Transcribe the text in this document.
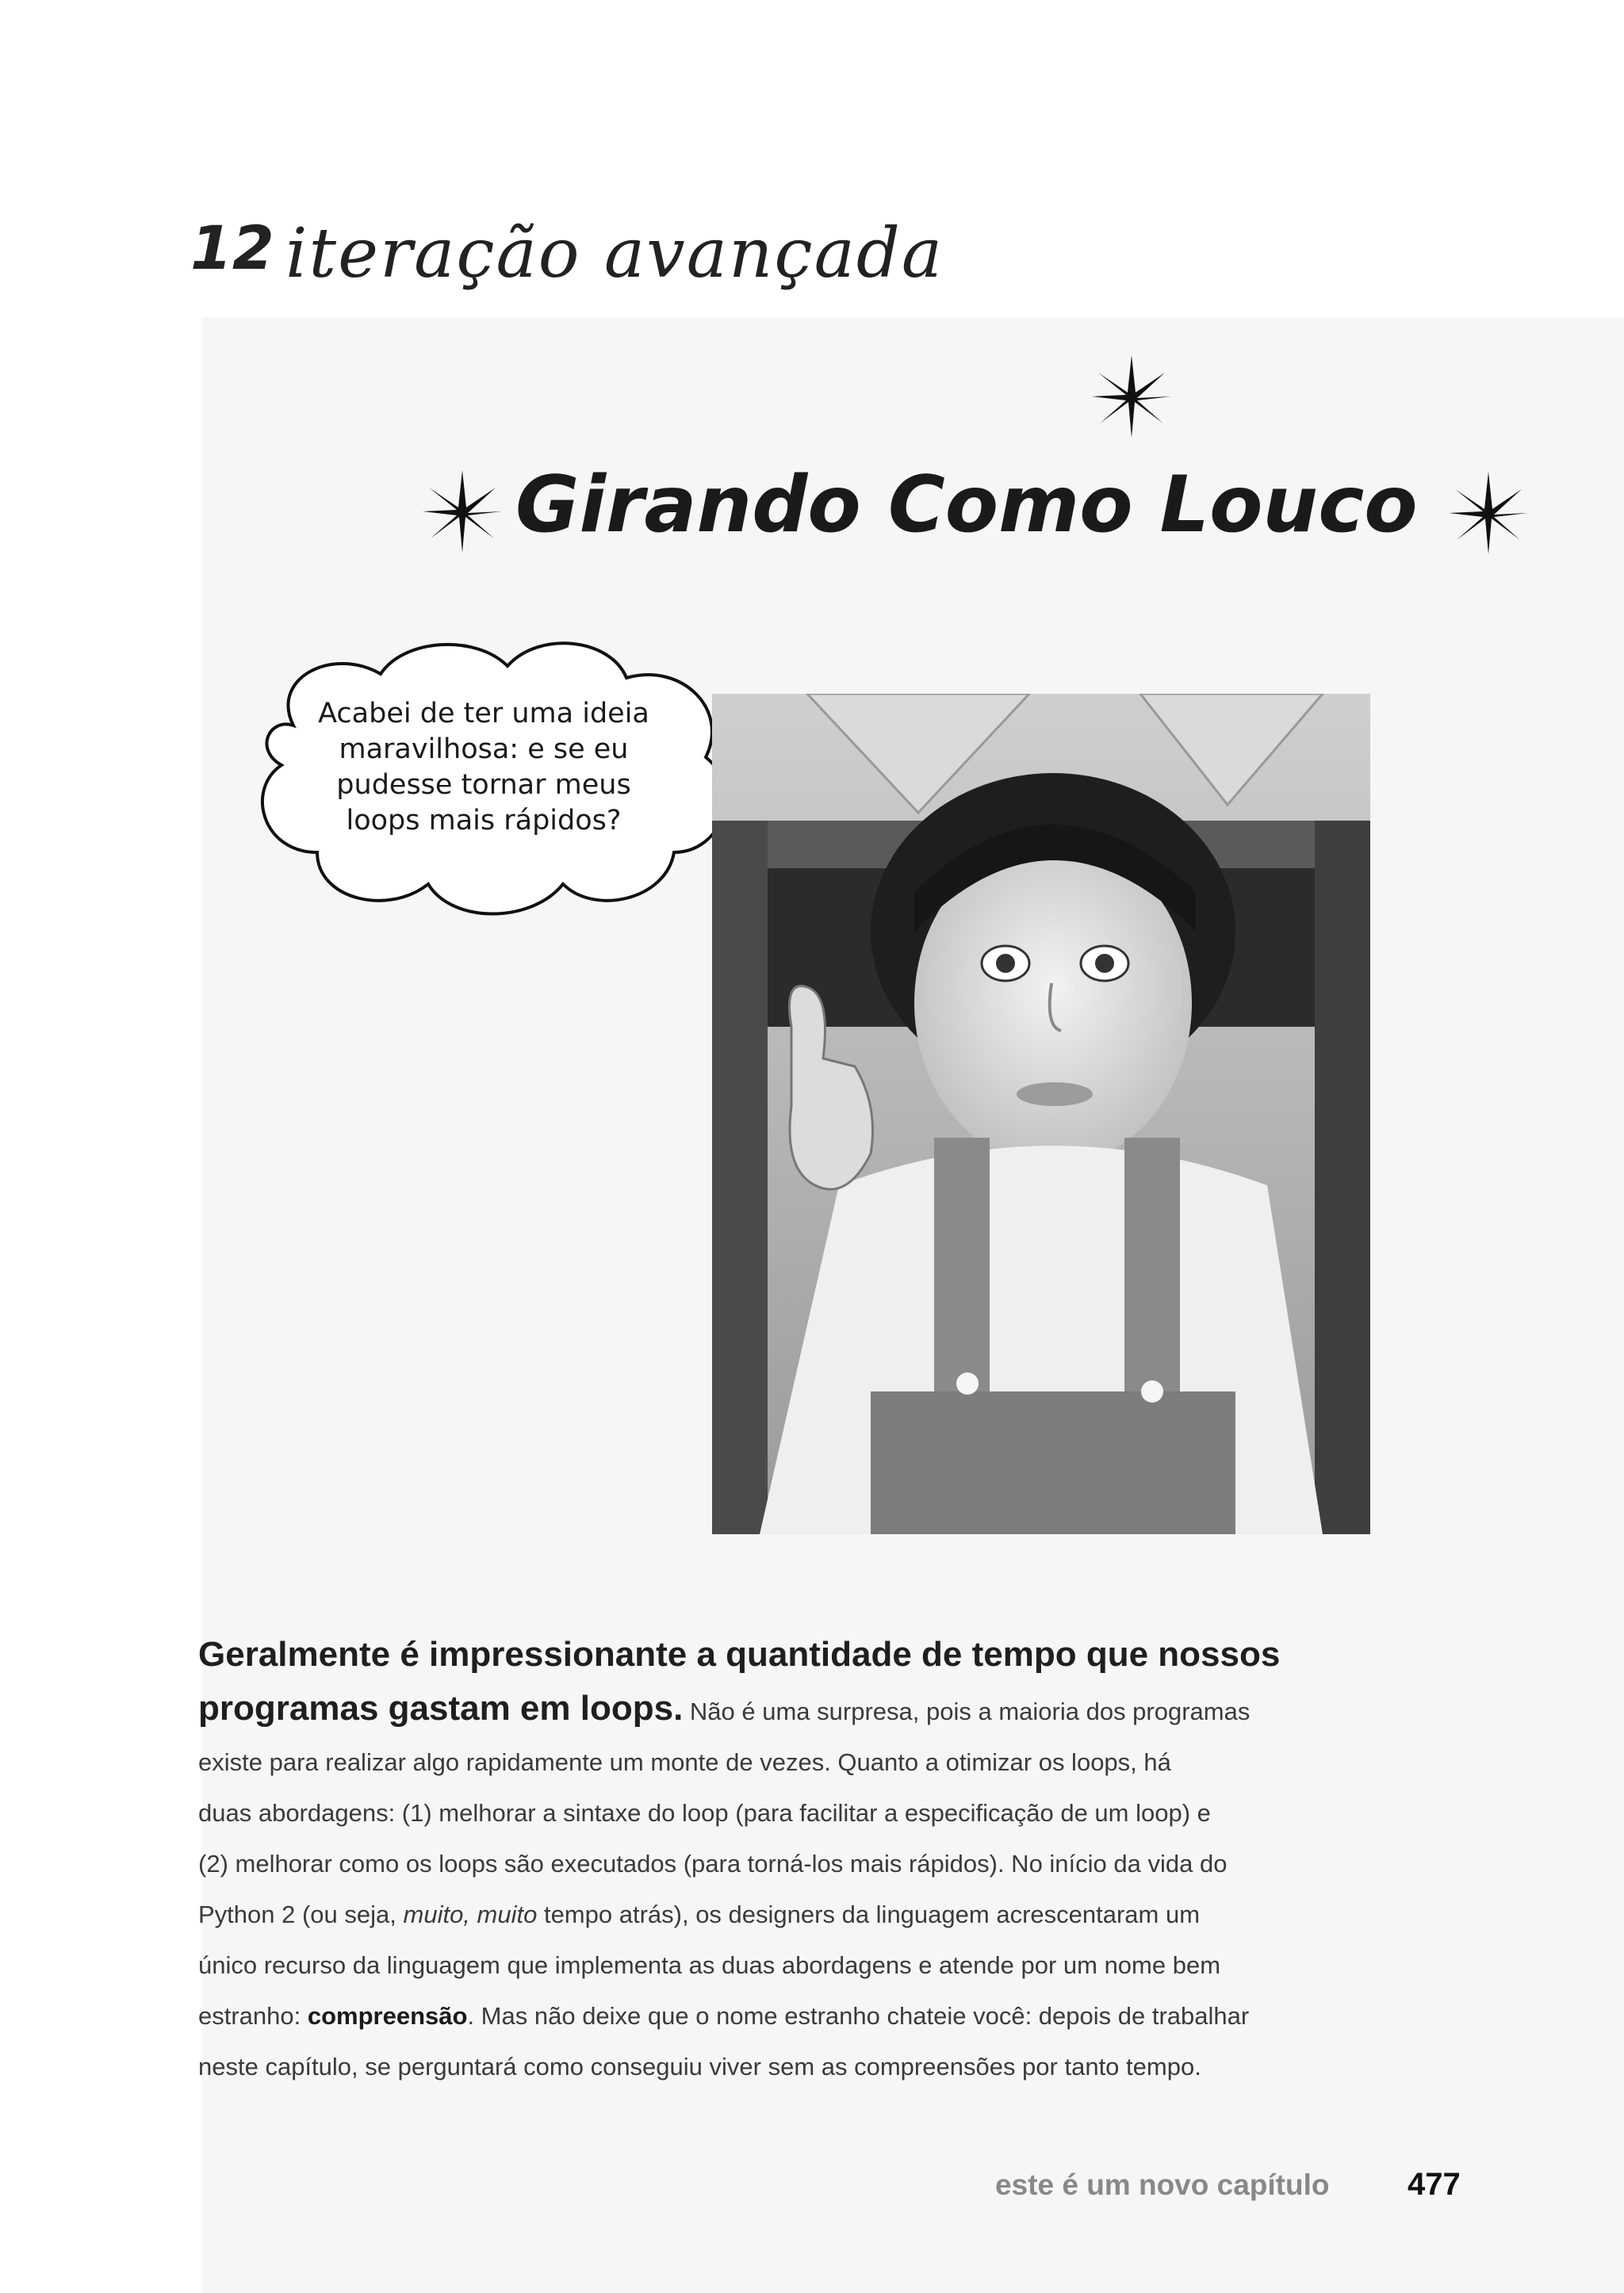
12 iteração avançada
Girando Como Louco
Acabei de ter uma ideia
maravilhosa: e se eu
pudesse tornar meus
loops mais rápidos?
Geralmente é impressionante a quantidade de tempo que nossos
programas gastam em loops. Não é uma surpresa, pois a maioria dos programas
existe para realizar algo rapidamente um monte de vezes. Quanto a otimizar os loops, há
duas abordagens: (1) melhorar a sintaxe do loop (para facilitar a especificação de um loop) e
(2) melhorar como os loops são executados (para torná-los mais rápidos). No início da vida do
Python 2 (ou seja, muito, muito tempo atrás), os designers da linguagem acrescentaram um
único recurso da linguagem que implementa as duas abordagens e atende por um nome bem
estranho: compreensão. Mas não deixe que o nome estranho chateie você: depois de trabalhar
neste capítulo, se perguntará como conseguiu viver sem as compreensões por tanto tempo.
este é um novo capítulo 477
